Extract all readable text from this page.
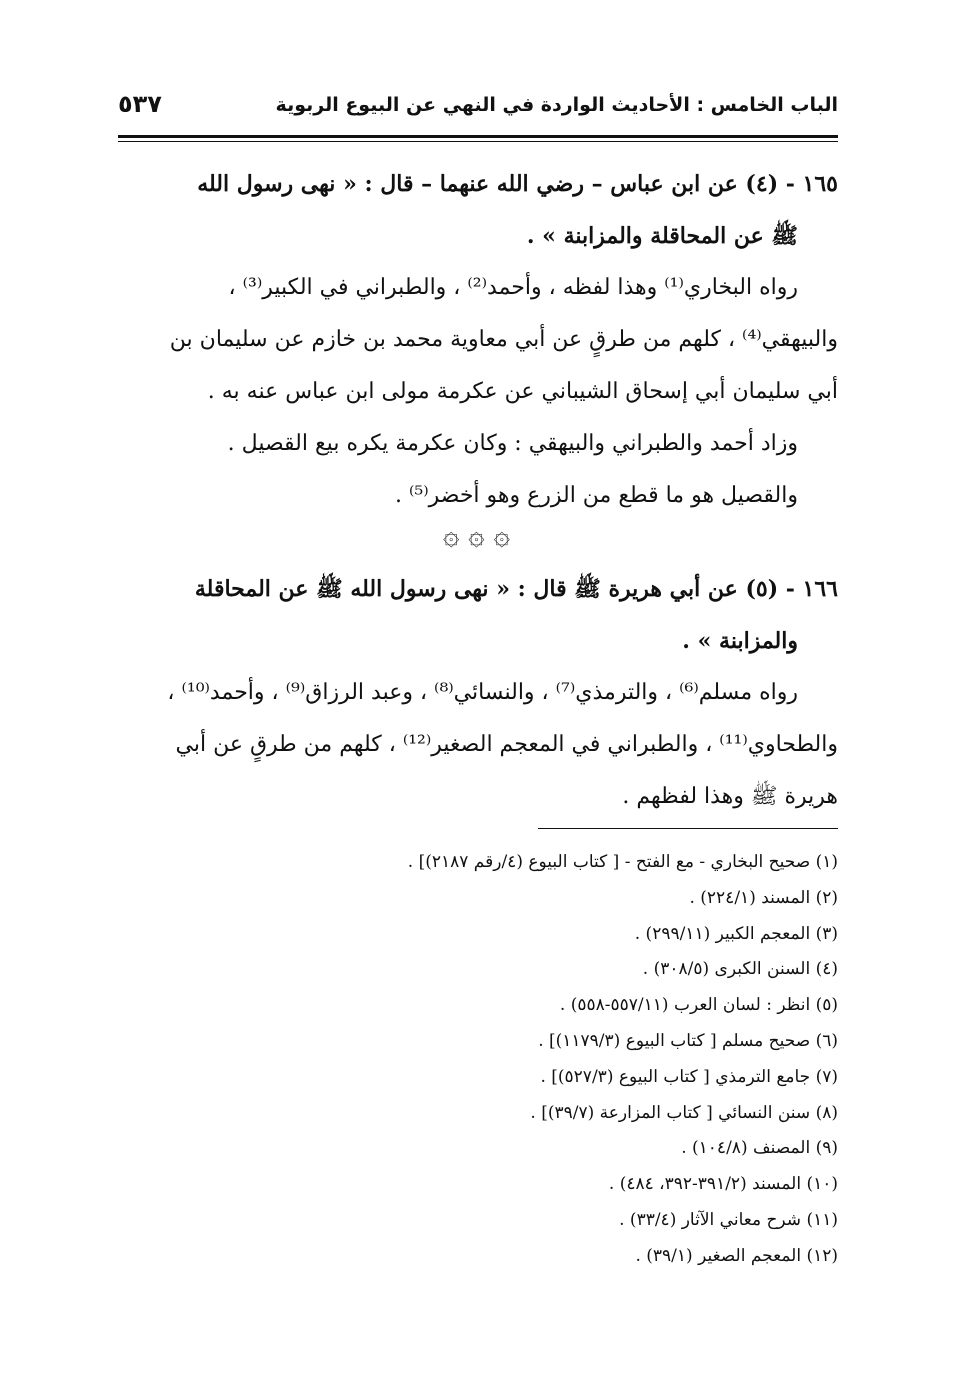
الباب الخامس : الأحاديث الواردة في النهي عن البيوع الربوية
٥٣٧

١٦٥ - (٤) عن ابن عباس – رضي الله عنهما – قال : « نهى رسول الله

ﷺ عن المحاقلة والمزابنة » .

رواه البخاري⁽¹⁾ وهذا لفظه ، وأحمد⁽²⁾ ، والطبراني في الكبير⁽³⁾ ،

والبيهقي⁽⁴⁾ ، كلهم من طرقٍ عن أبي معاوية محمد بن خازم عن سليمان بن

أبي سليمان أبي إسحاق الشيباني عن عكرمة مولى ابن عباس عنه به .

وزاد أحمد والطبراني والبيهقي : وكان عكرمة يكره بيع القصيل .

والقصيل هو ما قطع من الزرع وهو أخضر⁽⁵⁾ .

۞ ۞ ۞

١٦٦ - (٥) عن أبي هريرة ﷺ قال : « نهى رسول الله ﷺ عن المحاقلة

والمزابنة » .

رواه مسلم⁽⁶⁾ ، والترمذي⁽⁷⁾ ، والنسائي⁽⁸⁾ ، وعبد الرزاق⁽⁹⁾ ، وأحمد⁽¹⁰⁾ ،

والطحاوي⁽¹¹⁾ ، والطبراني في المعجم الصغير⁽¹²⁾ ، كلهم من طرقٍ عن أبي

هريرة ﷺ وهذا لفظهم .

(١) صحيح البخاري - مع الفتح - [ كتاب البيوع (٤/رقم ٢١٨٧)] .
(٢) المسند (٢٢٤/١) .
(٣) المعجم الكبير (٢٩٩/١١) .
(٤) السنن الكبرى (٣٠٨/٥) .
(٥) انظر : لسان العرب (٥٥٧/١١-٥٥٨) .
(٦) صحيح مسلم [ كتاب البيوع (١١٧٩/٣)] .
(٧) جامع الترمذي [ كتاب البيوع (٥٢٧/٣)] .
(٨) سنن النسائي [ كتاب المزارعة (٣٩/٧)] .
(٩) المصنف (١٠٤/٨) .
(١٠) المسند (٣٩١/٢-٣٩٢، ٤٨٤) .
(١١) شرح معاني الآثار (٣٣/٤) .
(١٢) المعجم الصغير (٣٩/١) .
